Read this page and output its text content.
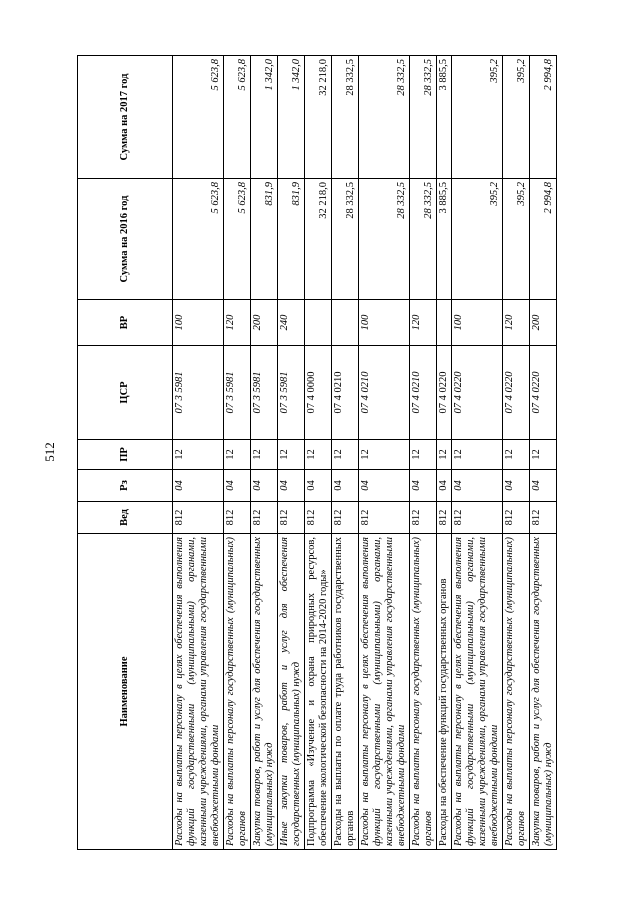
512
Наименование	Вед	Рз	ПР	ЦСР	ВР	Сумма на 2016 год	Сумма на 2017 год
Расходы на выплаты персоналу в целях обеспечения выполнения функций государственными (муниципальными) органами, казенными учреждениями, органами управления государственными внебюджетными фондами	812	04	12	07 3 5981	100	5 623,8	5 623,8
Расходы на выплаты персоналу государственных (муниципальных) органов	812	04	12	07 3 5981	120	5 623,8	5 623,8
Закупка товаров, работ и услуг для обеспечения государственных (муниципальных) нужд	812	04	12	07 3 5981	200	831,9	1 342,0
Иные закупки товаров, работ и услуг для обеспечения государственных (муниципальных) нужд	812	04	12	07 3 5981	240	831,9	1 342,0
Подпрограмма «Изучение и охрана природных ресурсов, обеспечение экологической безопасности на 2014-2020 годы»	812	04	12	07 4 0000		32 218,0	32 218,0
Расходы на выплаты по оплате труда работников государственных органов	812	04	12	07 4 0210		28 332,5	28 332,5
Расходы на выплаты персоналу в целях обеспечения выполнения функций государственными (муниципальными) органами, казенными учреждениями, органами управления государственными внебюджетными фондами	812	04	12	07 4 0210	100	28 332,5	28 332,5
Расходы на выплаты персоналу государственных (муниципальных) органов	812	04	12	07 4 0210	120	28 332,5	28 332,5
Расходы на обеспечение функций государственных органов	812	04	12	07 4 0220		3 885,5	3 885,5
Расходы на выплаты персоналу в целях обеспечения выполнения функций государственными (муниципальными) органами, казенными учреждениями, органами управления государственными внебюджетными фондами	812	04	12	07 4 0220	100	395,2	395,2
Расходы на выплаты персоналу государственных (муниципальных) органов	812	04	12	07 4 0220	120	395,2	395,2
Закупка товаров, работ и услуг для обеспечения государственных (муниципальных) нужд	812	04	12	07 4 0220	200	2 994,8	2 994,8
